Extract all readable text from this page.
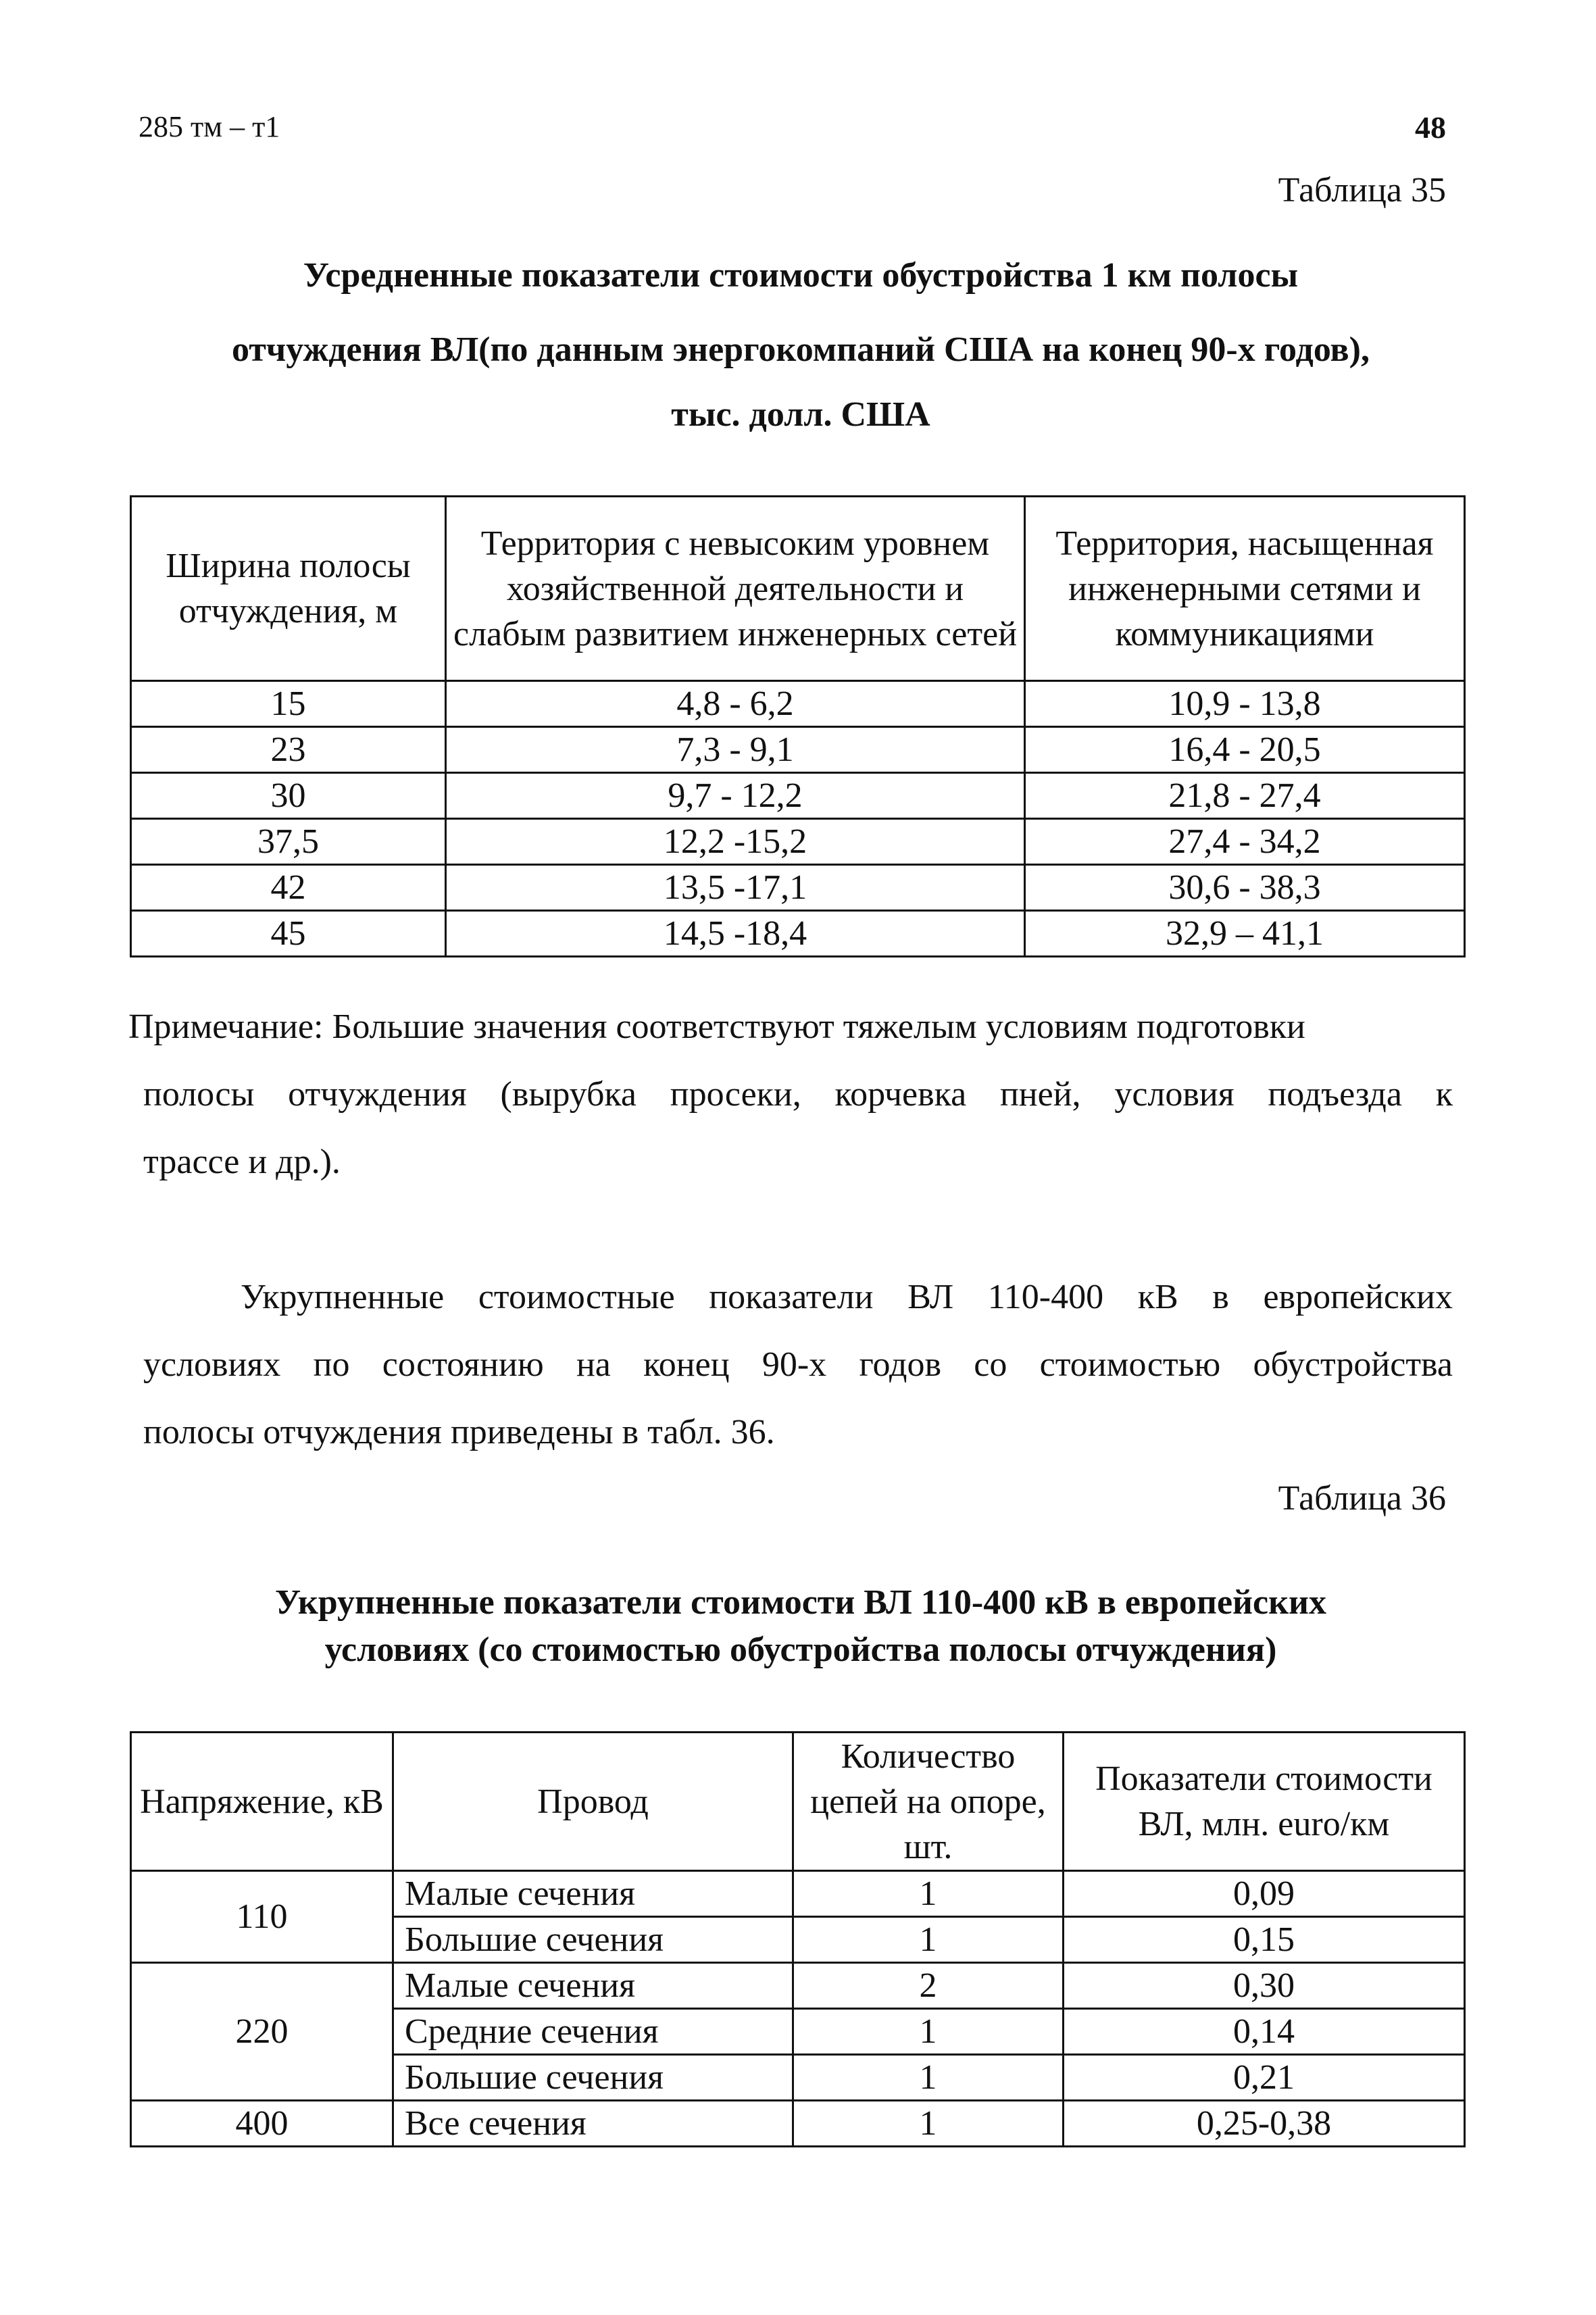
285 тм – т1	48
Таблица 35
Усредненные показатели стоимости обустройства 1 км полосы
отчуждения ВЛ(по данным энергокомпаний США на конец 90-х годов),
тыс. долл. США
Ширина полосы отчуждения, м	Территория с невысоким уровнем хозяйственной деятельности и слабым развитием инженерных сетей	Территория, насыщенная инженерными сетями и коммуникациями
15	4,8 - 6,2	10,9 - 13,8
23	7,3 - 9,1	16,4 - 20,5
30	9,7 - 12,2	21,8 - 27,4
37,5	12,2 -15,2	27,4 - 34,2
42	13,5 -17,1	30,6 - 38,3
45	14,5 -18,4	32,9 – 41,1
Примечание: Большие значения соответствуют тяжелым условиям подготовки
полосы отчуждения (вырубка просеки, корчевка пней, условия подъезда к
трассе и др.).
Укрупненные стоимостные показатели ВЛ 110-400 кВ в европейских
условиях по состоянию на конец 90-х годов со стоимостью обустройства
полосы отчуждения приведены в табл. 36.
Таблица 36
Укрупненные показатели стоимости ВЛ 110-400 кВ в европейских
условиях (со стоимостью обустройства полосы отчуждения)
Напряжение, кВ	Провод	Количество цепей на опоре, шт.	Показатели стоимости ВЛ, млн. euro/км
110	Малые сечения	1	0,09
	Большие сечения	1	0,15
220	Малые сечения	2	0,30
	Средние сечения	1	0,14
	Большие сечения	1	0,21
400	Все сечения	1	0,25-0,38
